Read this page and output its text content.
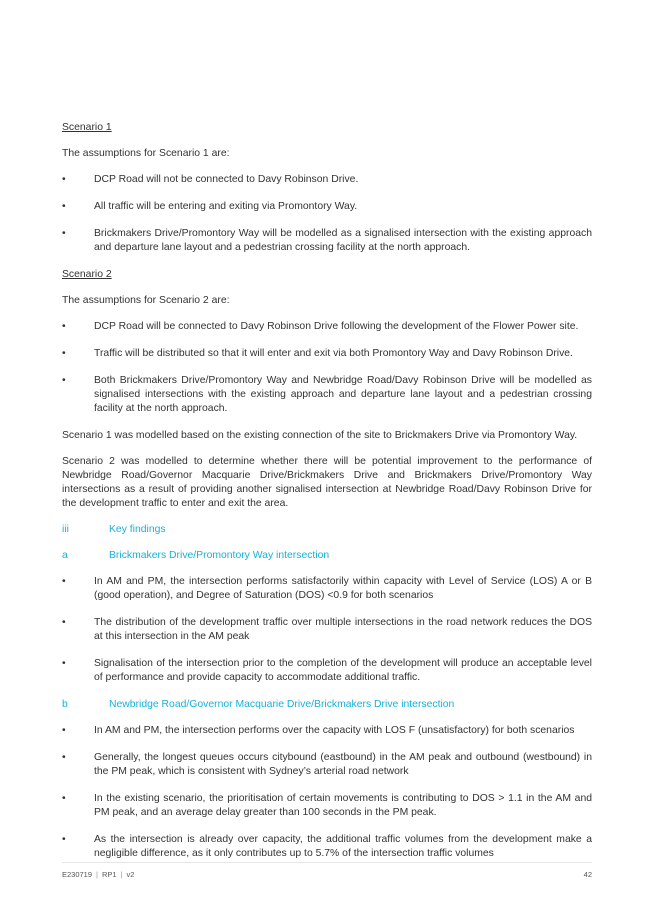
Scenario 1
The assumptions for Scenario 1 are:
•	DCP Road will not be connected to Davy Robinson Drive.
•	All traffic will be entering and exiting via Promontory Way.
•	Brickmakers Drive/Promontory Way will be modelled as a signalised intersection with the existing approach and departure lane layout and a pedestrian crossing facility at the north approach.
Scenario 2
The assumptions for Scenario 2 are:
•	DCP Road will be connected to Davy Robinson Drive following the development of the Flower Power site.
•	Traffic will be distributed so that it will enter and exit via both Promontory Way and Davy Robinson Drive.
•	Both Brickmakers Drive/Promontory Way and Newbridge Road/Davy Robinson Drive will be modelled as signalised intersections with the existing approach and departure lane layout and a pedestrian crossing facility at the north approach.
Scenario 1 was modelled based on the existing connection of the site to Brickmakers Drive via Promontory Way.
Scenario 2 was modelled to determine whether there will be potential improvement to the performance of Newbridge Road/Governor Macquarie Drive/Brickmakers Drive and Brickmakers Drive/Promontory Way intersections as a result of providing another signalised intersection at Newbridge Road/Davy Robinson Drive for the development traffic to enter and exit the area.
iii	Key findings
a	Brickmakers Drive/Promontory Way intersection
•	In AM and PM, the intersection performs satisfactorily within capacity with Level of Service (LOS) A or B (good operation), and Degree of Saturation (DOS) <0.9 for both scenarios
•	The distribution of the development traffic over multiple intersections in the road network reduces the DOS at this intersection in the AM peak
•	Signalisation of the intersection prior to the completion of the development will produce an acceptable level of performance and provide capacity to accommodate additional traffic.
b	Newbridge Road/Governor Macquarie Drive/Brickmakers Drive intersection
•	In AM and PM, the intersection performs over the capacity with LOS F (unsatisfactory) for both scenarios
•	Generally, the longest queues occurs citybound (eastbound) in the AM peak and outbound (westbound) in the PM peak, which is consistent with Sydney’s arterial road network
•	In the existing scenario, the prioritisation of certain movements is contributing to DOS > 1.1 in the AM and PM peak, and an average delay greater than 100 seconds in the PM peak.
•	As the intersection is already over capacity, the additional traffic volumes from the development make a negligible difference, as it only contributes up to 5.7% of the intersection traffic volumes
E230719 | RP1 | v2	42
